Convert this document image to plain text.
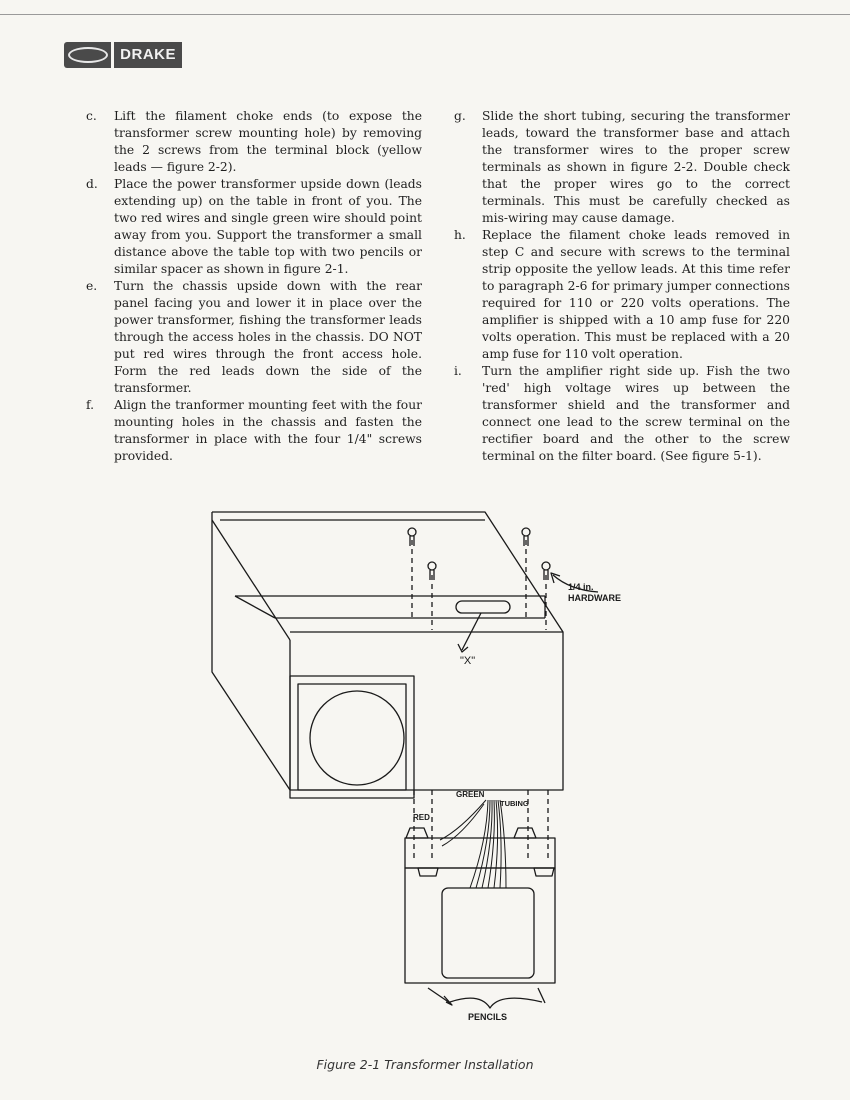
DRAKE
c.	Lift the filament choke ends (to expose the transformer screw mounting hole) by removing the 2 screws from the terminal block (yellow leads — figure 2-2).
d.	Place the power transformer upside down (leads extending up) on the table in front of you. The two red wires and single green wire should point away from you. Support the transformer a small distance above the table top with two pencils or similar spacer as shown in figure 2-1.
e.	Turn the chassis upside down with the rear panel facing you and lower it in place over the power transformer, fishing the transformer leads through the access holes in the chassis. DO NOT put red wires through the front access hole. Form the red leads down the side of the transformer.
f.	Align the tranformer mounting feet with the four mounting holes in the chassis and fasten the transformer in place with the four 1/4" screws provided.
g.	Slide the short tubing, securing the transformer leads, toward the transformer base and attach the transformer wires to the proper screw terminals as shown in figure 2-2. Double check that the proper wires go to the correct terminals. This must be carefully checked as mis-wiring may cause damage.
h.	Replace the filament choke leads removed in step C and secure with screws to the terminal strip opposite the yellow leads. At this time refer to paragraph 2-6 for primary jumper connections required for 110 or 220 volts operations. The amplifier is shipped with a 10 amp fuse for 220 volts operation. This must be replaced with a 20 amp fuse for 110 volt operation.
i.	Turn the amplifier right side up. Fish the two 'red' high voltage wires up between the transformer shield and the transformer and connect one lead to the screw terminal on the rectifier board and the other to the screw terminal on the filter board. (See figure 5-1).
1/4 in.
HARDWARE
"X"
GREEN
RED
TUBING
PENCILS
Figure 2-1 Transformer Installation
